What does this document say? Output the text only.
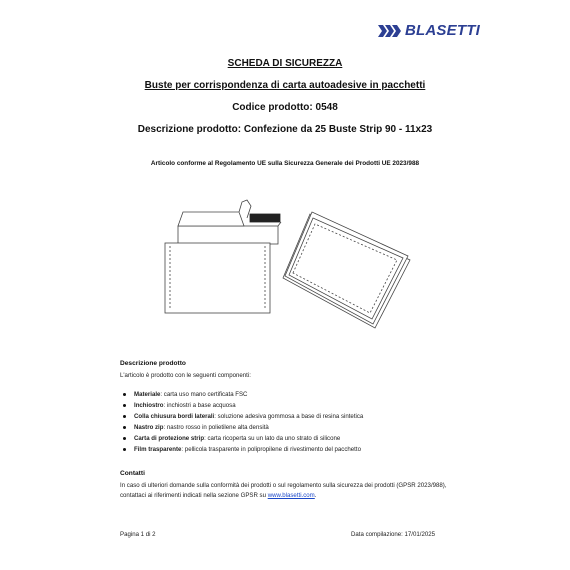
BLASETTI
SCHEDA DI SICUREZZA
Buste per corrispondenza di carta autoadesive in pacchetti
Codice prodotto: 0548
Descrizione prodotto: Confezione da 25 Buste Strip 90 - 11x23
Articolo conforme al Regolamento UE sulla Sicurezza Generale dei Prodotti UE 2023/988
Descrizione prodotto
L'articolo è prodotto con le seguenti componenti:
Materiale: carta uso mano certificata FSC
Inchiostro: inchiostri a base acquosa
Colla chiusura bordi laterali: soluzione adesiva gommosa a base di resina sintetica
Nastro zip: nastro rosso in polietilene alta densità
Carta di protezione strip: carta ricoperta su un lato da uno strato di silicone
Film trasparente: pellicola trasparente in polipropilene di rivestimento del pacchetto
Contatti
In caso di ulteriori domande sulla conformità dei prodotti o sul regolamento sulla sicurezza dei prodotti (GPSR 2023/988), contattaci ai riferimenti indicati nella sezione GPSR su www.blasetti.com.
Pagina 1 di 2	Data compilazione: 17/01/2025
